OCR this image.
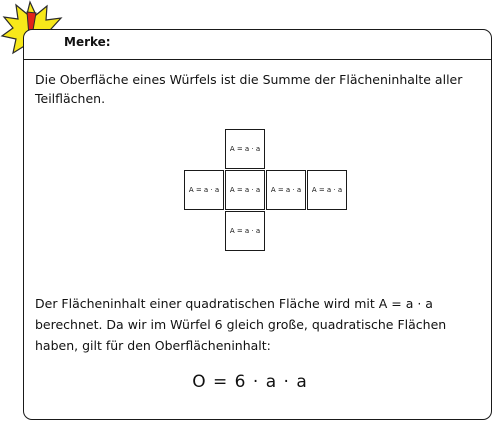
Merke:
Die Oberfläche eines Würfels ist die Summe der Flächeninhalte aller Teilflächen.
A = a · a
A = a · a	A = a · a	A = a · a	A = a · a
A = a · a
Der Flächeninhalt einer quadratischen Fläche wird mit A = a · a berechnet. Da wir im Würfel 6 gleich große, quadratische Flächen haben, gilt für den Oberflächeninhalt:
O = 6 · a · a
